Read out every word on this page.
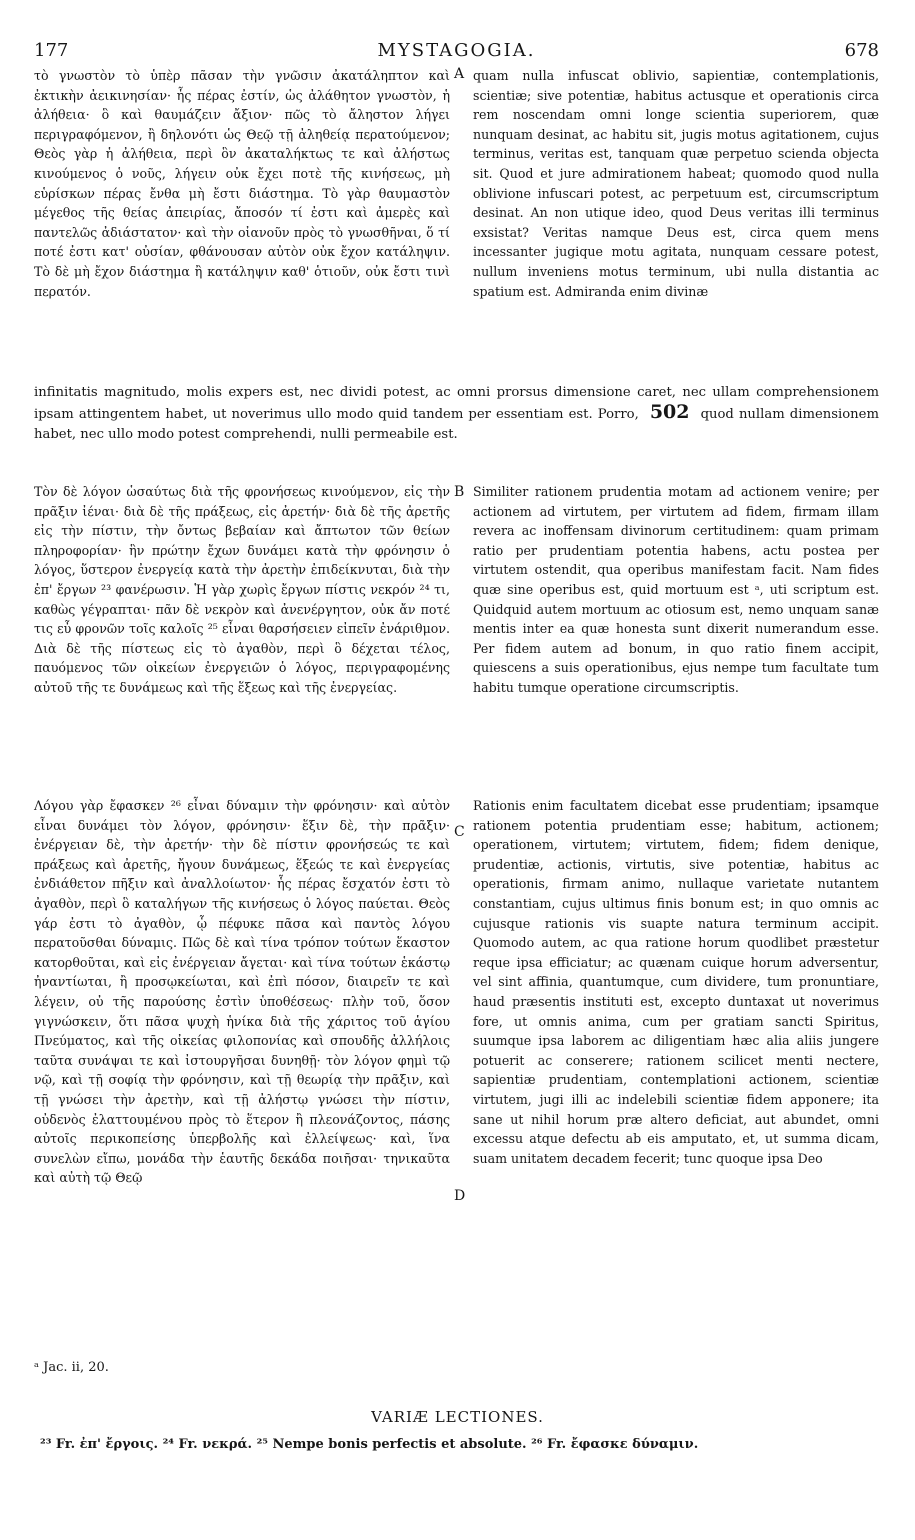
177	MYSTAGOGIA.	678
τὸ γνωστὸν τὸ ὑπὲρ πᾶσαν τὴν γνῶσιν ἀκατάληπτον καὶ ἐκτικὴν ἀεικινησίαν· ἧς πέρας ἐστίν, ὡς ἀλάθητον γνωστὸν, ἡ ἀλήθεια· ὃ καὶ θαυμάζειν ἄξιον· πῶς τὸ ἄληστον λήγει περιγραφόμενον, ἢ δηλονότι ὡς Θεῷ τῇ ἀληθείᾳ περατούμενον; Θεὸς γὰρ ἡ ἀλήθεια, περὶ ὃν ἀκαταλήκτως τε καὶ ἀλήστως κινούμενος ὁ νοῦς, λήγειν οὐκ ἔχει ποτὲ τῆς κινήσεως, μὴ εὑρίσκων πέρας ἔνθα μὴ ἔστι διάστημα. Τὸ γὰρ θαυμαστὸν μέγεθος τῆς θείας ἀπειρίας, ἄποσόν τί ἐστι καὶ ἀμερὲς καὶ παντελῶς ἀδιάστατον· καὶ τὴν οἰανοῦν πρὸς τὸ γνωσθῆναι, ὅ τί ποτέ ἐστι κατ' οὐσίαν, φθάνουσαν αὐτὸν οὐκ ἔχον κατάληψιν. Τὸ δὲ μὴ ἔχον διάστημα ἢ κατάληψιν καθ' ὁτιοῦν, οὐκ ἔστι τινὶ περατόν.
A quam nulla infuscat oblivio, sapientiæ, contemplationis, scientiæ; sive potentiæ, habitus actusque et operationis circa rem noscendam omni longe scientia superiorem, quæ nunquam desinat, ac habitu sit, jugis motus agitationem, cujus terminus, veritas est, tanquam quæ perpetuo scienda objecta sit. Quod et jure admirationem habeat; quomodo quod nulla oblivione infuscari potest, ac perpetuum est, circumscriptum desinat. An non utique ideo, quod Deus veritas illi terminus exsistat? Veritas namque Deus est, circa quem mens incessanter jugique motu agitata, nunquam cessare potest, nullum inveniens motus terminum, ubi nulla distantia ac spatium est. Admiranda enim divinæ
infinitatis magnitudo, molis expers est, nec dividi potest, ac omni prorsus dimensione caret, nec ullam comprehensionem ipsam attingentem habet, ut noverimus ullo modo quid tandem per essentiam est. Porro, 502 quod nullam dimensionem habet, nec ullo modo potest comprehendi, nulli permeabile est.
Τὸν δὲ λόγον ὡσαύτως διὰ τῆς φρονήσεως κινούμενον, εἰς τὴν πρᾶξιν ἰέναι· διὰ δὲ τῆς πράξεως, εἰς ἀρετήν· διὰ δὲ τῆς ἀρετῆς εἰς τὴν πίστιν, τὴν ὄντως βεβαίαν καὶ ἄπτωτον τῶν θείων πληροφορίαν· ἣν πρώτην ἔχων δυνάμει κατὰ τὴν φρόνησιν ὁ λόγος, ὕστερον ἐνεργείᾳ κατὰ τὴν ἀρετὴν ἐπιδείκνυται, διὰ τὴν ἐπ' ἔργων ²³ φανέρωσιν. Ἡ γὰρ χωρὶς ἔργων πίστις νεκρόν ²⁴ τι, καθὼς γέγραπται· πᾶν δὲ νεκρὸν καὶ ἀνενέργητον, οὐκ ἄν ποτέ τις εὖ φρονῶν τοῖς καλοῖς ²⁵ εἶναι θαρσήσειεν εἰπεῖν ἐνάριθμον. Διὰ δὲ τῆς πίστεως εἰς τὸ ἀγαθὸν, περὶ ὃ δέχεται τέλος, παυόμενος τῶν οἰκείων ἐνεργειῶν ὁ λόγος, περιγραφομένης αὐτοῦ τῆς τε δυνάμεως καὶ τῆς ἕξεως καὶ τῆς ἐνεργείας.
B Similiter rationem prudentia motam ad actionem venire; per actionem ad virtutem, per virtutem ad fidem, firmam illam revera ac inoffensam divinorum certitudinem: quam primam ratio per prudentiam potentia habens, actu postea per virtutem ostendit, qua operibus manifestam facit. Nam fides quæ sine operibus est, quid mortuum est ᵃ, uti scriptum est. Quidquid autem mortuum ac otiosum est, nemo unquam sanæ mentis inter ea quæ honesta sunt dixerit numerandum esse. Per fidem autem ad bonum, in quo ratio finem accipit, quiescens a suis operationibus, ejus nempe tum facultate tum habitu tumque operatione circumscriptis.
Λόγου γὰρ ἔφασκεν ²⁶ εἶναι δύναμιν τὴν φρόνησιν· καὶ αὐτὸν εἶναι δυνάμει τὸν λόγον, φρόνησιν· ἕξιν δὲ, τὴν πρᾶξιν· ἐνέργειαν δὲ, τὴν ἀρετήν· τὴν δὲ πίστιν φρονήσεώς τε καὶ πράξεως καὶ ἀρετῆς, ἤγουν δυνάμεως, ἕξεώς τε καὶ ἐνεργείας ἐνδιάθετον πῆξιν καὶ ἀναλλοίωτον· ἧς πέρας ἔσχατόν ἐστι τὸ ἀγαθὸν, περὶ ὃ καταλήγων τῆς κινήσεως ὁ λόγος παύεται. Θεὸς γάρ ἐστι τὸ ἀγαθὸν, ᾧ πέφυκε πᾶσα καὶ παντὸς λόγου περατοῦσθαι δύναμις. Πῶς δὲ καὶ τίνα τρόπον τούτων ἕκαστον κατορθοῦται, καὶ εἰς ἐνέργειαν ἄγεται· καὶ τίνα τούτων ἑκάστῳ ἠναντίωται, ἢ προσῳκείωται, καὶ ἐπὶ πόσον, διαιρεῖν τε καὶ λέγειν, οὐ τῆς παρούσης ἐστὶν ὑποθέσεως· πλὴν τοῦ, ὅσον γιγνώσκειν, ὅτι πᾶσα ψυχὴ ἡνίκα διὰ τῆς χάριτος τοῦ ἁγίου Πνεύματος, καὶ τῆς οἰκείας φιλοπονίας καὶ σπουδῆς ἀλλήλοις ταῦτα συνάψαι τε καὶ ἰστουργῆσαι δυνηθῇ· τὸν λόγον φημὶ τῷ νῷ, καὶ τῇ σοφίᾳ τὴν φρόνησιν, καὶ τῇ θεωρίᾳ τὴν πρᾶξιν, καὶ τῇ γνώσει τὴν ἀρετὴν, καὶ τῇ ἀλήστῳ γνώσει τὴν πίστιν, οὐδενὸς ἐλαττουμένου πρὸς τὸ ἕτερον ἢ πλεονάζοντος, πάσης αὐτοῖς περικοπείσης ὑπερβολῆς καὶ ἐλλείψεως· καὶ, ἵνα συνελὼν εἴπω, μονάδα τὴν ἑαυτῆς δεκάδα ποιῆσαι· τηνικαῦτα καὶ αὐτὴ τῷ Θεῷ
C
D
Rationis enim facultatem dicebat esse prudentiam; ipsamque rationem potentia prudentiam esse; habitum, actionem; operationem, virtutem; virtutem, fidem; fidem denique, prudentiæ, actionis, virtutis, sive potentiæ, habitus ac operationis, firmam animo, nullaque varietate nutantem constantiam, cujus ultimus finis bonum est; in quo omnis ac cujusque rationis vis suapte natura terminum accipit. Quomodo autem, ac qua ratione horum quodlibet præstetur reque ipsa efficiatur; ac quænam cuique horum adversentur, vel sint affinia, quantumque, cum dividere, tum pronuntiare, haud præsentis instituti est, excepto duntaxat ut noverimus fore, ut omnis anima, cum per gratiam sancti Spiritus, suumque ipsa laborem ac diligentiam hæc alia aliis jungere potuerit ac conserere; rationem scilicet menti nectere, sapientiæ prudentiam, contemplationi actionem, scientiæ virtutem, jugi illi ac indelebili scientiæ fidem apponere; ita sane ut nihil horum præ altero deficiat, aut abundet, omni excessu atque defectu ab eis amputato, et, ut summa dicam, suam unitatem decadem fecerit; tunc quoque ipsa Deo
ᵃ Jac. ii, 20.
VARIÆ LECTIONES.
²³ Fr. ἐπ' ἔργοις. ²⁴ Fr. νεκρά. ²⁵ Nempe bonis perfectis et absolute. ²⁶ Fr. ἔφασκε δύναμιν.
